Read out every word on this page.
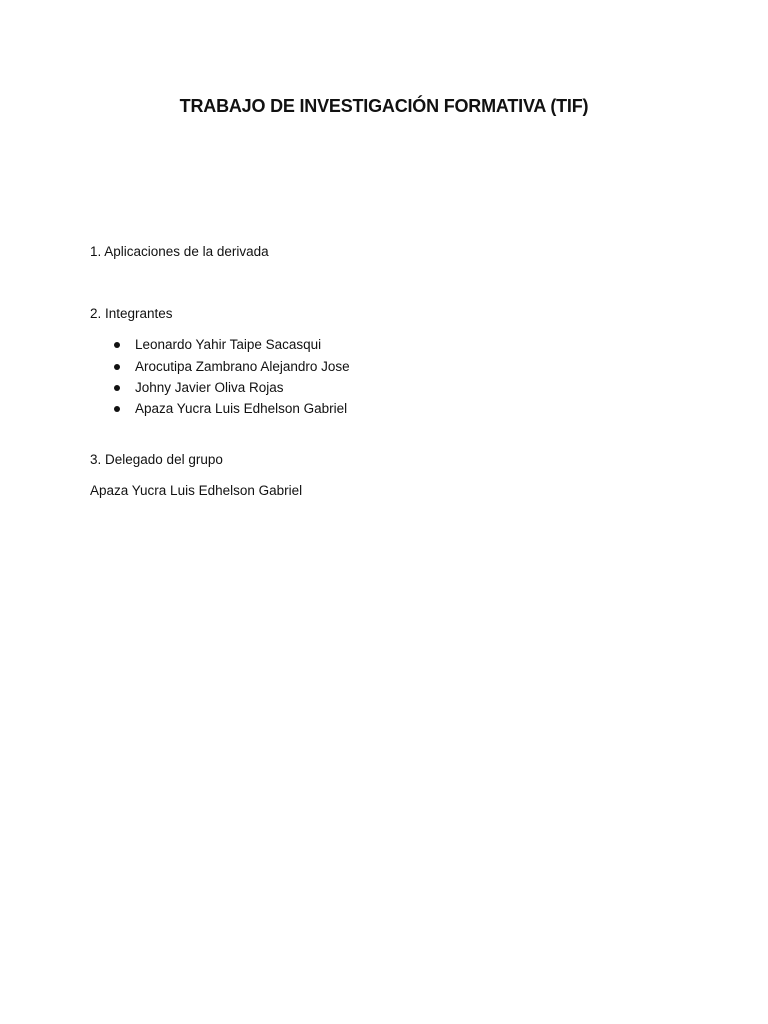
TRABAJO DE INVESTIGACIÓN FORMATIVA (TIF)
1. Aplicaciones de la derivada
2. Integrantes
Leonardo Yahir Taipe Sacasqui
Arocutipa Zambrano Alejandro Jose
Johny Javier Oliva Rojas
Apaza Yucra Luis Edhelson Gabriel
3. Delegado del grupo
Apaza Yucra Luis Edhelson Gabriel
